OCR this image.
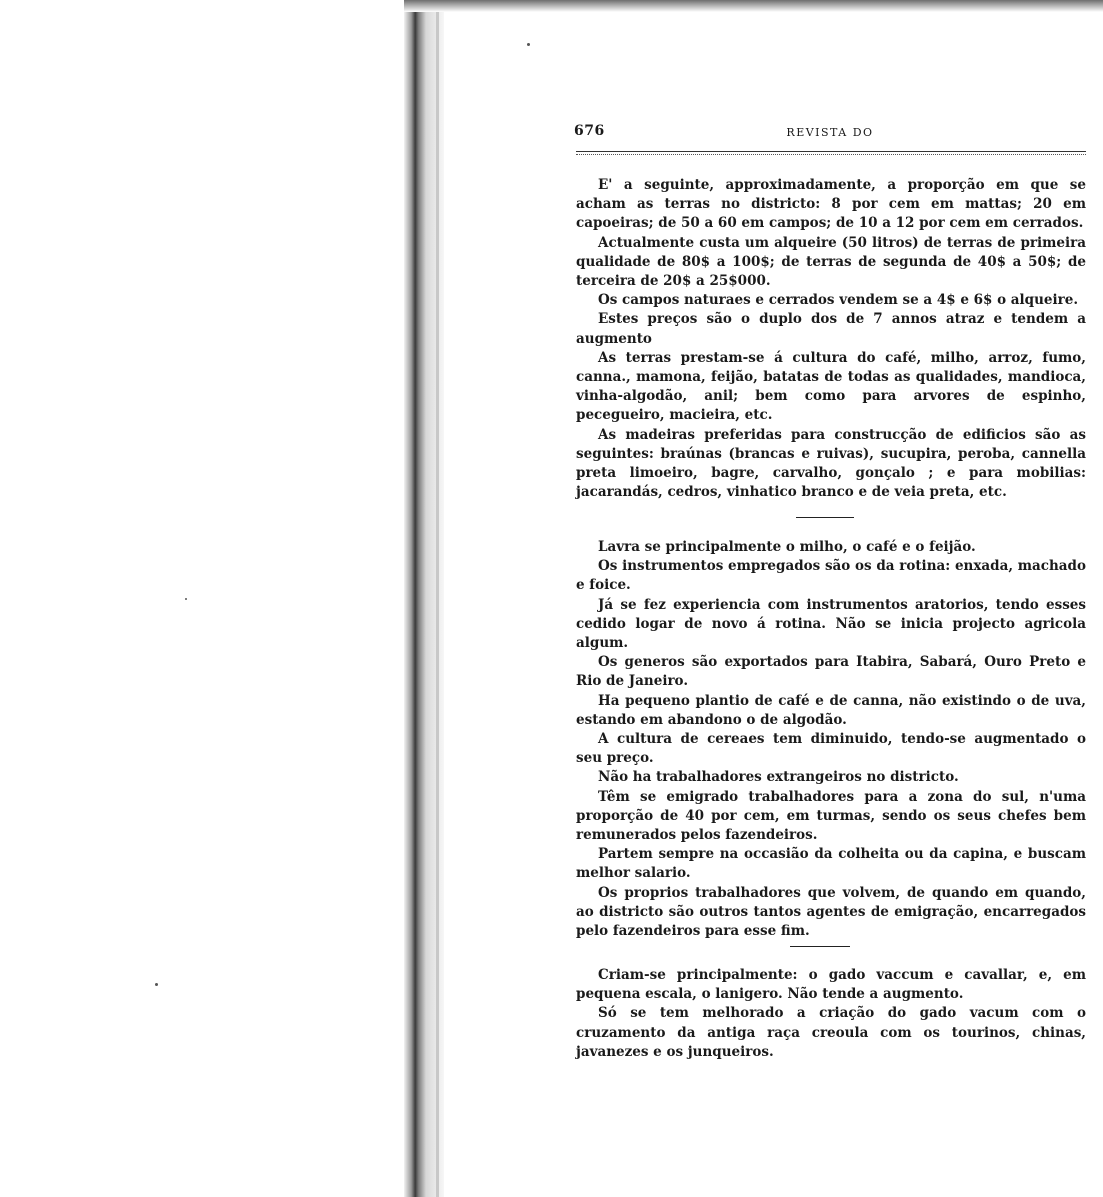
676	REVISTA DO

E' a seguinte, approximadamente, a proporção em que se acham as terras no districto: 8 por cem em mattas; 20 em capoeiras; de 50 a 60 em campos; de 10 a 12 por cem em cerrados.

Actualmente custa um alqueire (50 litros) de terras de primeira qualidade de 80$ a 100$; de terras de segunda de 40$ a 50$; de terceira de 20$ a 25$000.

Os campos naturaes e cerrados vendem se a 4$ e 6$ o alqueire.

Estes preços são o duplo dos de 7 annos atraz e tendem a augmento

As terras prestam-se á cultura do café, milho, arroz, fumo, canna., mamona, feijão, batatas de todas as qualidades, mandioca, vinha-algodão, anil; bem como para arvores de espinho, pecegueiro, macieira, etc.

As madeiras preferidas para construcção de edificios são as seguintes: braúnas (brancas e ruivas), sucupira, peroba, cannella preta limoeiro, bagre, carvalho, gonçalo ; e para mobilias: jacarandás, cedros, vinhatico branco e de veia preta, etc.

Lavra se principalmente o milho, o café e o feijão.

Os instrumentos empregados são os da rotina: enxada, machado e foice.

Já se fez experiencia com instrumentos aratorios, tendo esses cedido logar de novo á rotina. Não se inicia projecto agricola algum.

Os generos são exportados para Itabira, Sabará, Ouro Preto e Rio de Janeiro.

Ha pequeno plantio de café e de canna, não existindo o de uva, estando em abandono o de algodão.

A cultura de cereaes tem diminuido, tendo-se augmentado o seu preço.

Não ha trabalhadores extrangeiros no districto.

Têm se emigrado trabalhadores para a zona do sul, n'uma proporção de 40 por cem, em turmas, sendo os seus chefes bem remunerados pelos fazendeiros.

Partem sempre na occasião da colheita ou da capina, e buscam melhor salario.

Os proprios trabalhadores que volvem, de quando em quando, ao districto são outros tantos agentes de emigração, encarregados pelo fazendeiros para esse fim.

Criam-se principalmente: o gado vaccum e cavallar, e, em pequena escala, o lanigero. Não tende a augmento.

Só se tem melhorado a criação do gado vacum com o cruzamento da antiga raça creoula com os tourinos, chinas, javanezes e os junqueiros.
